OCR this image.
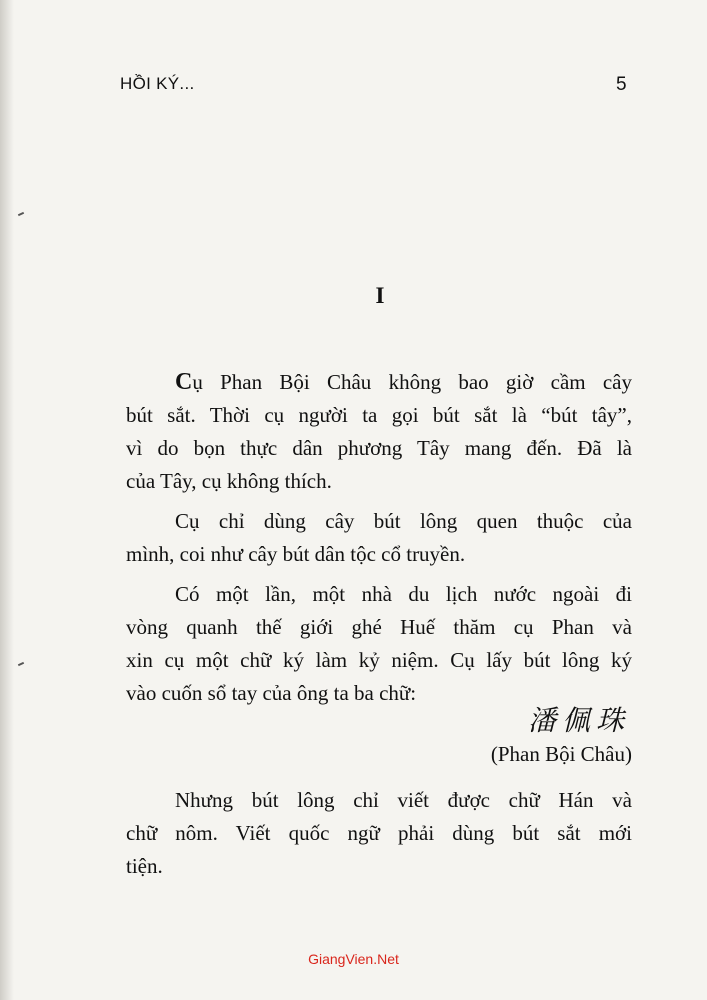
HỒI KÝ...	5
I

Cụ Phan Bội Châu không bao giờ cầm cây
bút sắt. Thời cụ người ta gọi bút sắt là “bút tây”,
vì do bọn thực dân phương Tây mang đến. Đã là
của Tây, cụ không thích.

Cụ chỉ dùng cây bút lông quen thuộc của
mình, coi như cây bút dân tộc cổ truyền.

Có một lần, một nhà du lịch nước ngoài đi
vòng quanh thế giới ghé Huế thăm cụ Phan và
xin cụ một chữ ký làm kỷ niệm. Cụ lấy bút lông ký
vào cuốn sổ tay của ông ta ba chữ:

潘佩珠
(Phan Bội Châu)

Nhưng bút lông chỉ viết được chữ Hán và
chữ nôm. Viết quốc ngữ phải dùng bút sắt mới
tiện.

GiangVien.Net
